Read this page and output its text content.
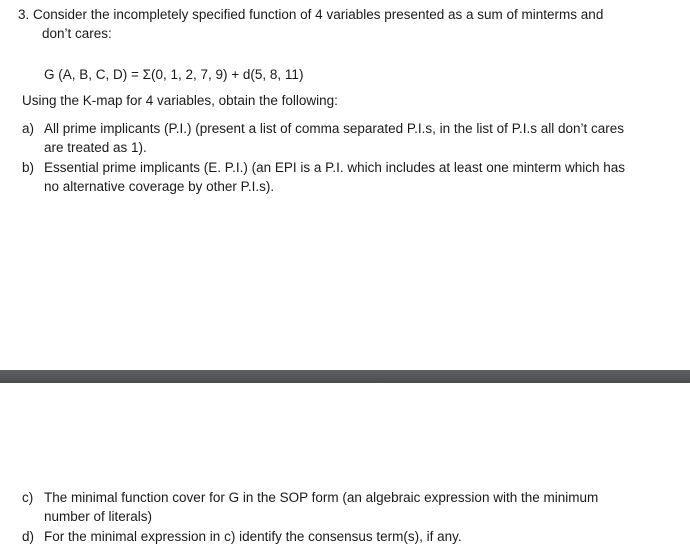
3. Consider the incompletely specified function of 4 variables presented as a sum of minterms and
don’t cares:
G (A, B, C, D) = Σ(0, 1, 2, 7, 9) + d(5, 8, 11)
Using the K-map for 4 variables, obtain the following:
a) All prime implicants (P.I.) (present a list of comma separated P.I.s, in the list of P.I.s all don’t cares
are treated as 1).
b) Essential prime implicants (E. P.I.) (an EPI is a P.I. which includes at least one minterm which has
no alternative coverage by other P.I.s).
c) The minimal function cover for G in the SOP form (an algebraic expression with the minimum
number of literals)
d) For the minimal expression in c) identify the consensus term(s), if any.
